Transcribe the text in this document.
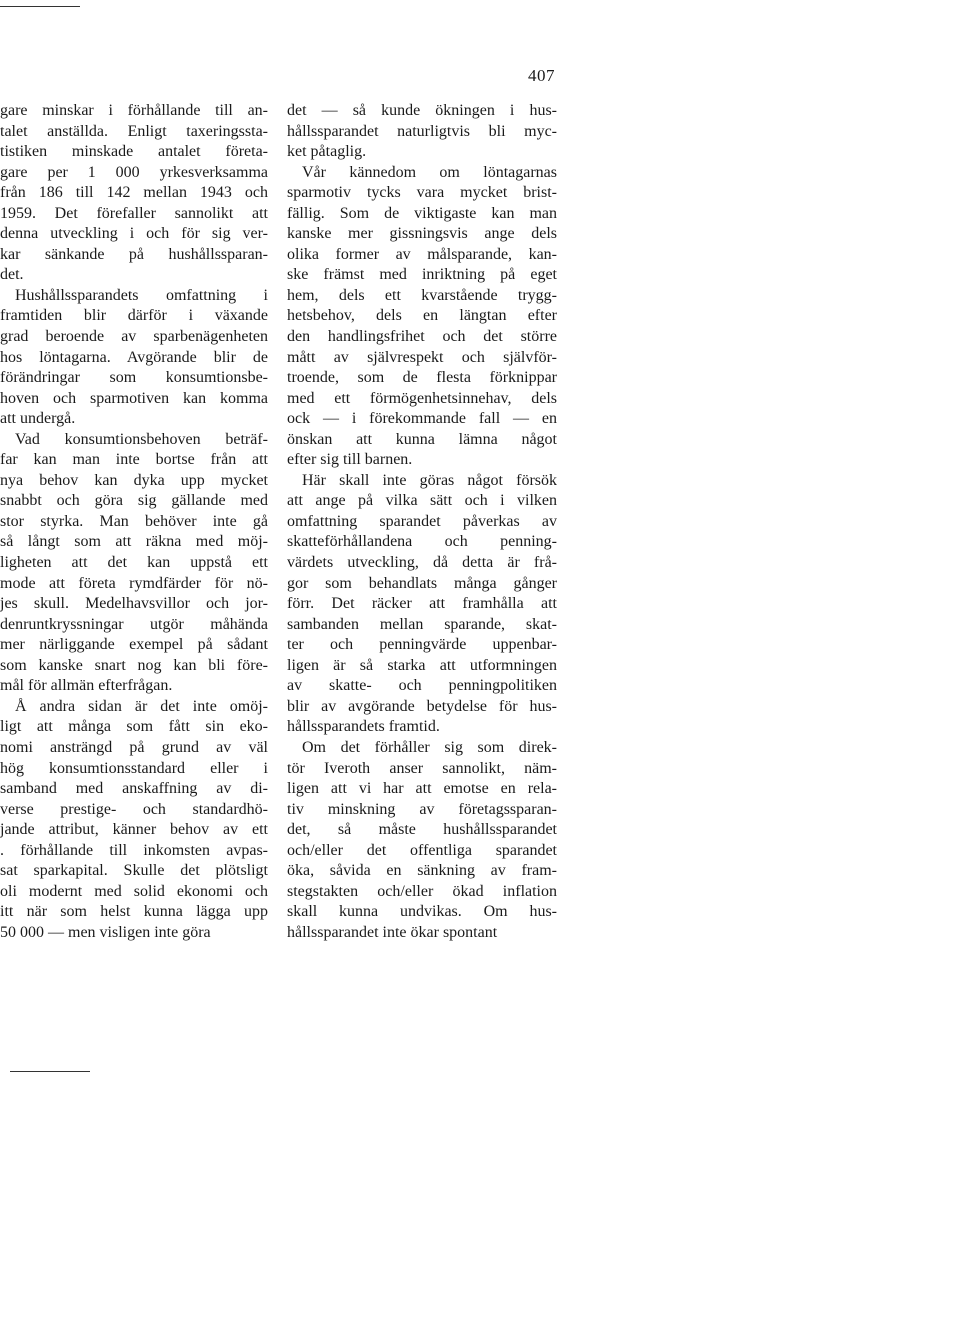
407
gare minskar i förhållande till an-
talet anställda. Enligt taxeringssta-
tistiken minskade antalet företa-
gare per 1 000 yrkesverksamma
från 186 till 142 mellan 1943 och
1959. Det förefaller sannolikt att
denna utveckling i och för sig ver-
kar sänkande på hushållssparan-
det.
Hushållssparandets omfattning i
framtiden blir därför i växande
grad beroende av sparbenägenheten
hos löntagarna. Avgörande blir de
förändringar som konsumtionsbe-
hoven och sparmotiven kan komma
att undergå.
Vad konsumtionsbehoven beträf-
far kan man inte bortse från att
nya behov kan dyka upp mycket
snabbt och göra sig gällande med
stor styrka. Man behöver inte gå
så långt som att räkna med möj-
ligheten att det kan uppstå ett
mode att företa rymdfärder för nö-
jes skull. Medelhavsvillor och jor-
denruntkryssningar utgör måhända
mer närliggande exempel på sådant
som kanske snart nog kan bli före-
mål för allmän efterfrågan.
Å andra sidan är det inte omöj-
ligt att många som fått sin eko-
nomi ansträngd på grund av väl
hög konsumtionsstandard eller i
samband med anskaffning av di-
verse prestige- och standardhö-
jande attribut, känner behov av ett
. förhållande till inkomsten avpas-
sat sparkapital. Skulle det plötsligt
oli modernt med solid ekonomi och
itt när som helst kunna lägga upp
50 000 — men visligen inte göra
det — så kunde ökningen i hus-
hållssparandet naturligtvis bli myc-
ket påtaglig.
Vår kännedom om löntagarnas
sparmotiv tycks vara mycket brist-
fällig. Som de viktigaste kan man
kanske mer gissningsvis ange dels
olika former av målsparande, kan-
ske främst med inriktning på eget
hem, dels ett kvarstående trygg-
hetsbehov, dels en längtan efter
den handlingsfrihet och det större
mått av självrespekt och självför-
troende, som de flesta förknippar
med ett förmögenhetsinnehav, dels
ock — i förekommande fall — en
önskan att kunna lämna något
efter sig till barnen.
Här skall inte göras något försök
att ange på vilka sätt och i vilken
omfattning sparandet påverkas av
skatteförhållandena och penning-
värdets utveckling, då detta är frå-
gor som behandlats många gånger
förr. Det räcker att framhålla att
sambanden mellan sparande, skat-
ter och penningvärde uppenbar-
ligen är så starka att utformningen
av skatte- och penningpolitiken
blir av avgörande betydelse för hus-
hållssparandets framtid.
Om det förhåller sig som direk-
tör Iveroth anser sannolikt, näm-
ligen att vi har att emotse en rela-
tiv minskning av företagssparan-
det, så måste hushållssparandet
och/eller det offentliga sparandet
öka, såvida en sänkning av fram-
stegstakten och/eller ökad inflation
skall kunna undvikas. Om hus-
hållssparandet inte ökar spontant
